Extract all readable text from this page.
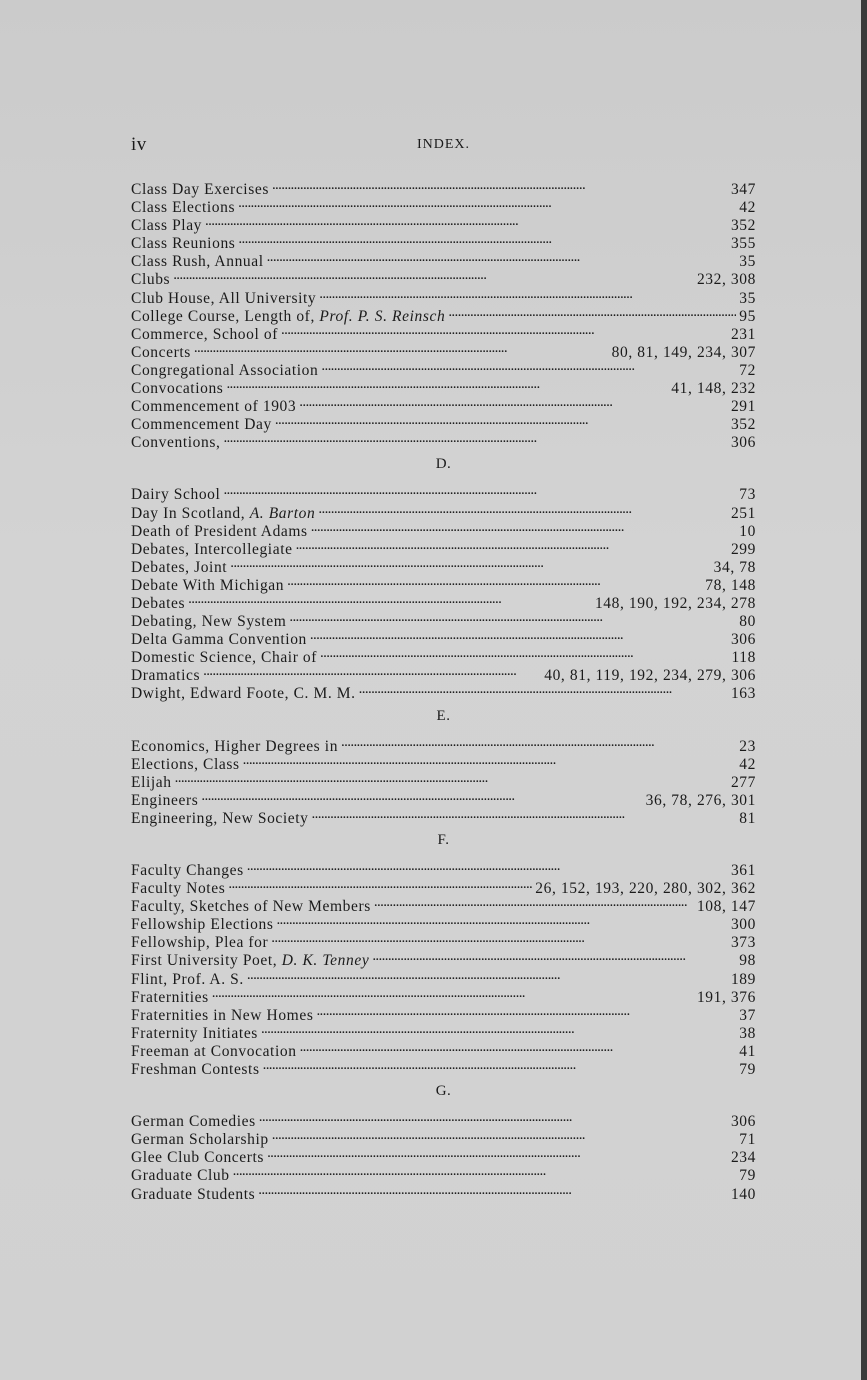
iv	INDEX.
Class Day Exercises . . .	347
Class Elections . . .	42
Class Play . . .	352
Class Reunions . . .	355
Class Rush, Annual . . .	35
Clubs . . .	232, 308
Club House, All University . . .	35
College Course, Length of, Prof. P. S. Reinsch . . .	95
Commerce, School of . . .	231
Concerts . . .	80, 81, 149, 234, 307
Congregational Association . . .	72
Convocations . . .	41, 148, 232
Commencement of 1903 . . .	291
Commencement Day . . .	352
Conventions, . . .	306
D.
Dairy School . . .	73
Day In Scotland, A. Barton . . .	251
Death of President Adams . . .	10
Debates, Intercollegiate . . .	299
Debates, Joint . . .	34, 78
Debate With Michigan . . .	78, 148
Debates . . .	148, 190, 192, 234, 278
Debating, New System . . .	80
Delta Gamma Convention . . .	306
Domestic Science, Chair of . . .	118
Dramatics . . .	40, 81, 119, 192, 234, 279, 306
Dwight, Edward Foote, C. M. M. . . .	163
E.
Economics, Higher Degrees in . . .	23
Elections, Class . . .	42
Elijah . . .	277
Engineers . . .	36, 78, 276, 301
Engineering, New Society . . .	81
F.
Faculty Changes . . .	361
Faculty Notes . . .	26, 152, 193, 220, 280, 302, 362
Faculty, Sketches of New Members . . .	108, 147
Fellowship Elections . . .	300
Fellowship, Plea for . . .	373
First University Poet, D. K. Tenney . . .	98
Flint, Prof. A. S. . . .	189
Fraternities . . .	191, 376
Fraternities in New Homes . . .	37
Fraternity Initiates . . .	38
Freeman at Convocation . . .	41
Freshman Contests . . .	79
G.
German Comedies . . .	306
German Scholarship . . .	71
Glee Club Concerts . . .	234
Graduate Club . . .	79
Graduate Students . . .	140
